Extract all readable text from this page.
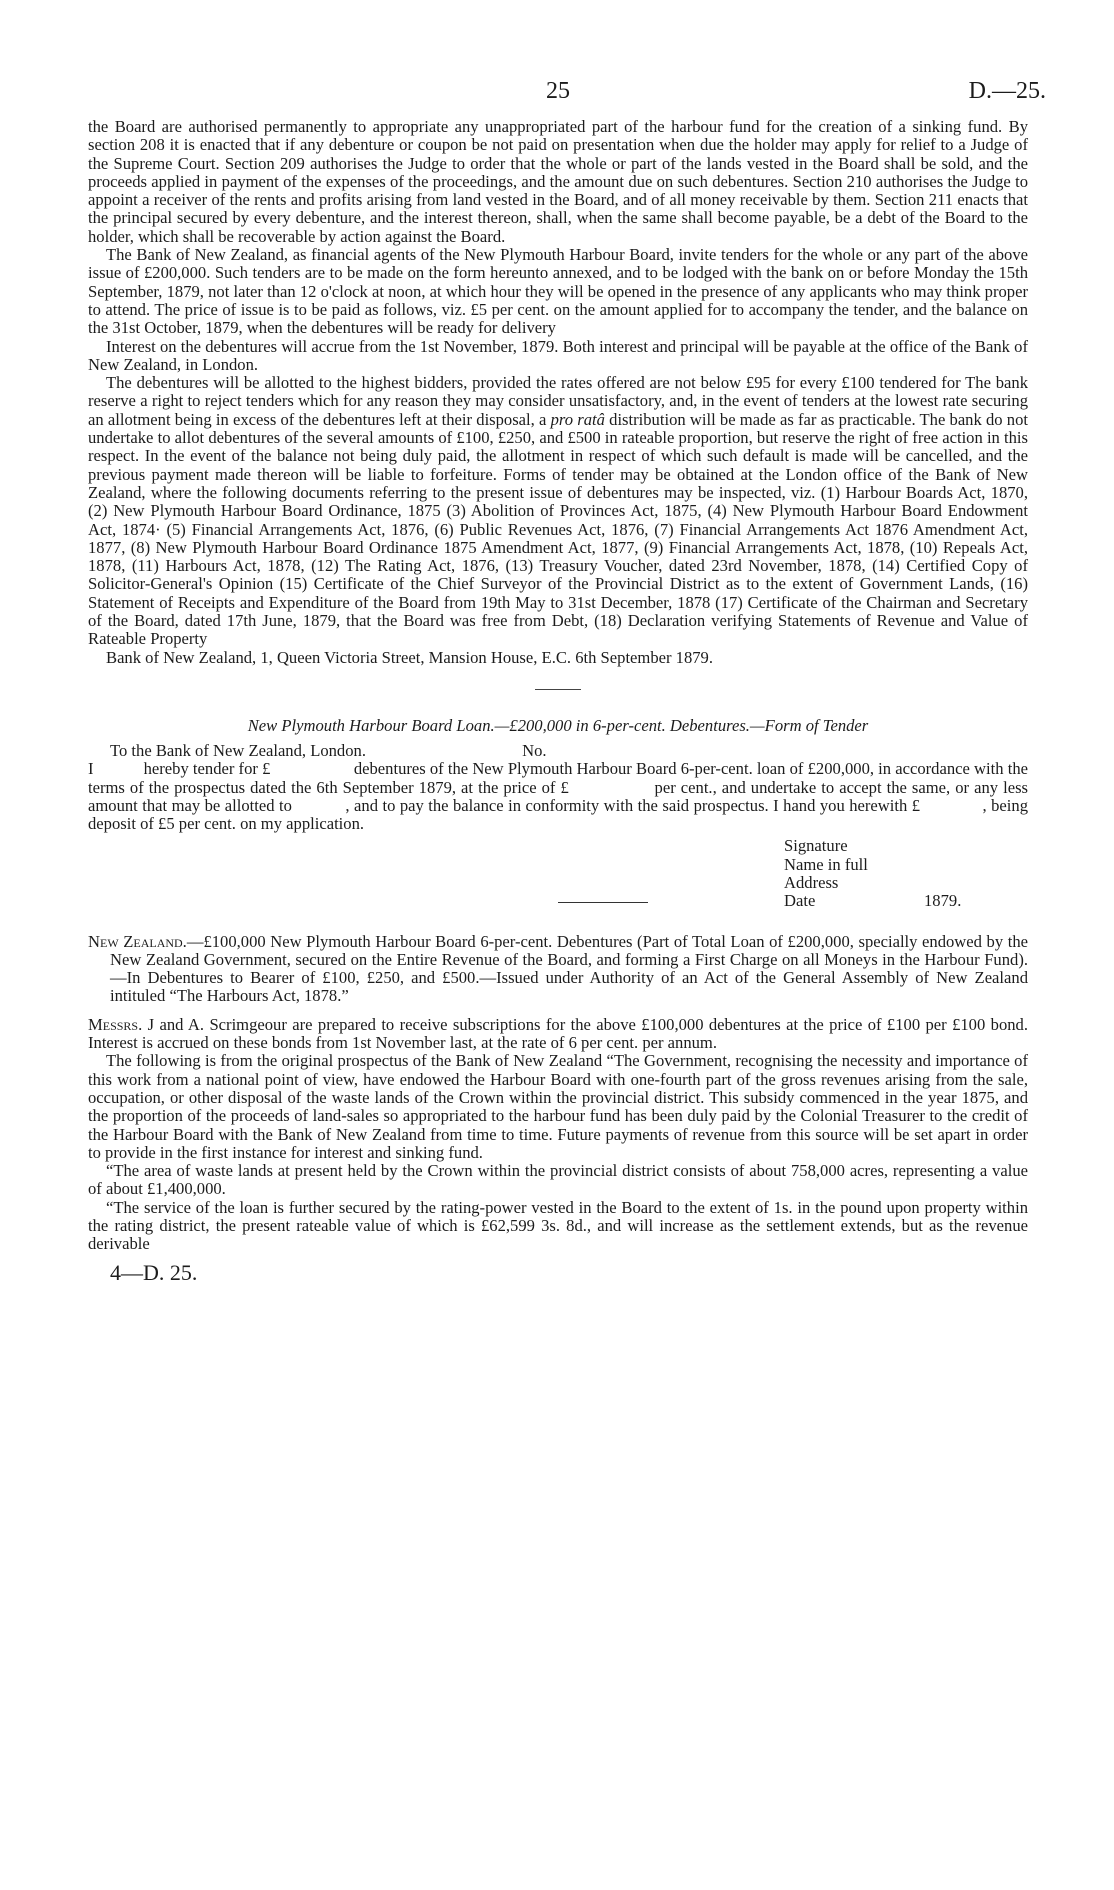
25	D.—25.

the Board are authorised permanently to appropriate any unappropriated part of the harbour fund for the creation of a sinking fund. By section 208 it is enacted that if any debenture or coupon be not paid on presentation when due the holder may apply for relief to a Judge of the Supreme Court. Section 209 authorises the Judge to order that the whole or part of the lands vested in the Board shall be sold, and the proceeds applied in payment of the expenses of the proceedings, and the amount due on such debentures. Section 210 authorises the Judge to appoint a receiver of the rents and profits arising from land vested in the Board, and of all money receivable by them. Section 211 enacts that the principal secured by every debenture, and the interest thereon, shall, when the same shall become payable, be a debt of the Board to the holder, which shall be recoverable by action against the Board.

The Bank of New Zealand, as financial agents of the New Plymouth Harbour Board, invite tenders for the whole or any part of the above issue of £200,000. Such tenders are to be made on the form hereunto annexed, and to be lodged with the bank on or before Monday the 15th September, 1879, not later than 12 o'clock at noon, at which hour they will be opened in the presence of any applicants who may think proper to attend. The price of issue is to be paid as follows, viz. £5 per cent. on the amount applied for to accompany the tender, and the balance on the 31st October, 1879, when the debentures will be ready for delivery

Interest on the debentures will accrue from the 1st November, 1879. Both interest and principal will be payable at the office of the Bank of New Zealand, in London.

The debentures will be allotted to the highest bidders, provided the rates offered are not below £95 for every £100 tendered for The bank reserve a right to reject tenders which for any reason they may consider unsatisfactory, and, in the event of tenders at the lowest rate securing an allotment being in excess of the debentures left at their disposal, a pro ratâ distribution will be made as far as practicable. The bank do not undertake to allot debentures of the several amounts of £100, £250, and £500 in rateable proportion, but reserve the right of free action in this respect. In the event of the balance not being duly paid, the allotment in respect of which such default is made will be cancelled, and the previous payment made thereon will be liable to forfeiture. Forms of tender may be obtained at the London office of the Bank of New Zealand, where the following documents referring to the present issue of debentures may be inspected, viz. (1) Harbour Boards Act, 1870, (2) New Plymouth Harbour Board Ordinance, 1875 (3) Abolition of Provinces Act, 1875, (4) New Plymouth Harbour Board Endowment Act, 1874· (5) Financial Arrangements Act, 1876, (6) Public Revenues Act, 1876, (7) Financial Arrangements Act 1876 Amendment Act, 1877, (8) New Plymouth Harbour Board Ordinance 1875 Amendment Act, 1877, (9) Financial Arrangements Act, 1878, (10) Repeals Act, 1878, (11) Harbours Act, 1878, (12) The Rating Act, 1876, (13) Treasury Voucher, dated 23rd November, 1878, (14) Certified Copy of Solicitor-General's Opinion (15) Certificate of the Chief Surveyor of the Provincial District as to the extent of Government Lands, (16) Statement of Receipts and Expenditure of the Board from 19th May to 31st December, 1878 (17) Certificate of the Chairman and Secretary of the Board, dated 17th June, 1879, that the Board was free from Debt, (18) Declaration verifying Statements of Revenue and Value of Rateable Property

Bank of New Zealand, 1, Queen Victoria Street, Mansion House, E.C. 6th September 1879.

New Plymouth Harbour Board Loan.—£200,000 in 6-per-cent. Debentures.—Form of Tender
To the Bank of New Zealand, London.	No.

I            hereby tender for £                    debentures of the New Plymouth Harbour Board 6-per-cent. loan of £200,000, in accordance with the terms of the prospectus dated the 6th September 1879, at the price of £                 per cent., and undertake to accept the same, or any less amount that may be allotted to            , and to pay the balance in conformity with the said prospectus. I hand you herewith £              , being deposit of £5 per cent. on my application.

Signature
Name in full
Address
Date	1879.

New Zealand.—£100,000 New Plymouth Harbour Board 6-per-cent. Debentures (Part of Total Loan of £200,000, specially endowed by the New Zealand Government, secured on the Entire Revenue of the Board, and forming a First Charge on all Moneys in the Harbour Fund).—In Debentures to Bearer of £100, £250, and £500.—Issued under Authority of an Act of the General Assembly of New Zealand intituled “The Harbours Act, 1878.”

Messrs. J and A. Scrimgeour are prepared to receive subscriptions for the above £100,000 debentures at the price of £100 per £100 bond. Interest is accrued on these bonds from 1st November last, at the rate of 6 per cent. per annum.

The following is from the original prospectus of the Bank of New Zealand “The Government, recognising the necessity and importance of this work from a national point of view, have endowed the Harbour Board with one-fourth part of the gross revenues arising from the sale, occupation, or other disposal of the waste lands of the Crown within the provincial district. This subsidy commenced in the year 1875, and the proportion of the proceeds of land-sales so appropriated to the harbour fund has been duly paid by the Colonial Treasurer to the credit of the Harbour Board with the Bank of New Zealand from time to time. Future payments of revenue from this source will be set apart in order to provide in the first instance for interest and sinking fund.

“The area of waste lands at present held by the Crown within the provincial district consists of about 758,000 acres, representing a value of about £1,400,000.

“The service of the loan is further secured by the rating-power vested in the Board to the extent of 1s. in the pound upon property within the rating district, the present rateable value of which is £62,599 3s. 8d., and will increase as the settlement extends, but as the revenue derivable

4—D. 25.
